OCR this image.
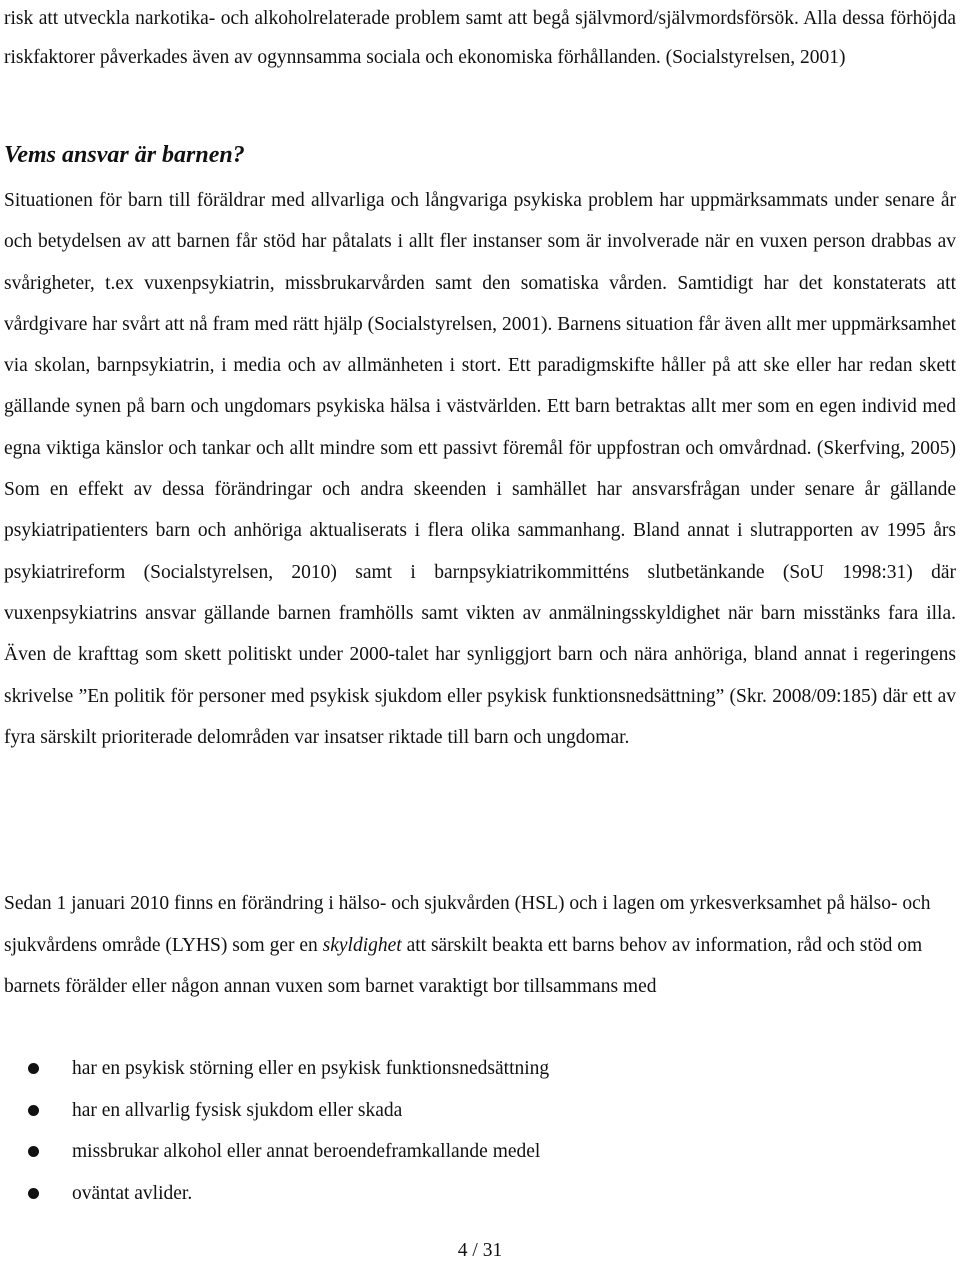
risk att utveckla narkotika- och alkoholrelaterade problem samt att begå självmord/självmordsförsök. Alla dessa förhöjda riskfaktorer påverkades även av ogynnsamma sociala och ekonomiska förhållanden. (Socialstyrelsen, 2001)

Vems ansvar är barnen?

Situationen för barn till föräldrar med allvarliga och långvariga psykiska problem har uppmärksammats under senare år och betydelsen av att barnen får stöd har påtalats i allt fler instanser som är involverade när en vuxen person drabbas av svårigheter, t.ex vuxenpsykiatrin, missbrukarvården samt den somatiska vården. Samtidigt har det konstaterats att vårdgivare har svårt att nå fram med rätt hjälp (Socialstyrelsen, 2001). Barnens situation får även allt mer uppmärksamhet via skolan, barnpsykiatrin, i media och av allmänheten i stort. Ett paradigmskifte håller på att ske eller har redan skett gällande synen på barn och ungdomars psykiska hälsa i västvärlden. Ett barn betraktas allt mer som en egen individ med egna viktiga känslor och tankar och allt mindre som ett passivt föremål för uppfostran och omvårdnad. (Skerfving, 2005) Som en effekt av dessa förändringar och andra skeenden i samhället har ansvarsfrågan under senare år gällande psykiatripatienters barn och anhöriga aktualiserats i flera olika sammanhang. Bland annat i slutrapporten av 1995 års psykiatrireform (Socialstyrelsen, 2010) samt i barnpsykiatrikommitténs slutbetänkande (SoU 1998:31) där vuxenpsykiatrins ansvar gällande barnen framhölls samt vikten av anmälningsskyldighet när barn misstänks fara illa. Även de krafttag som skett politiskt under 2000-talet har synliggjort barn och nära anhöriga, bland annat i regeringens skrivelse ”En politik för personer med psykisk sjukdom eller psykisk funktionsnedsättning” (Skr. 2008/09:185) där ett av fyra särskilt prioriterade delområden var insatser riktade till barn och ungdomar.

Sedan 1 januari 2010 finns en förändring i hälso- och sjukvården (HSL) och i lagen om yrkesverksamhet på hälso- och sjukvårdens område (LYHS) som ger en skyldighet att särskilt beakta ett barns behov av information, råd och stöd om barnets förälder eller någon annan vuxen som barnet varaktigt bor tillsammans med

har en psykisk störning eller en psykisk funktionsnedsättning
har en allvarlig fysisk sjukdom eller skada
missbrukar alkohol eller annat beroendeframkallande medel
oväntat avlider.
4 / 31
